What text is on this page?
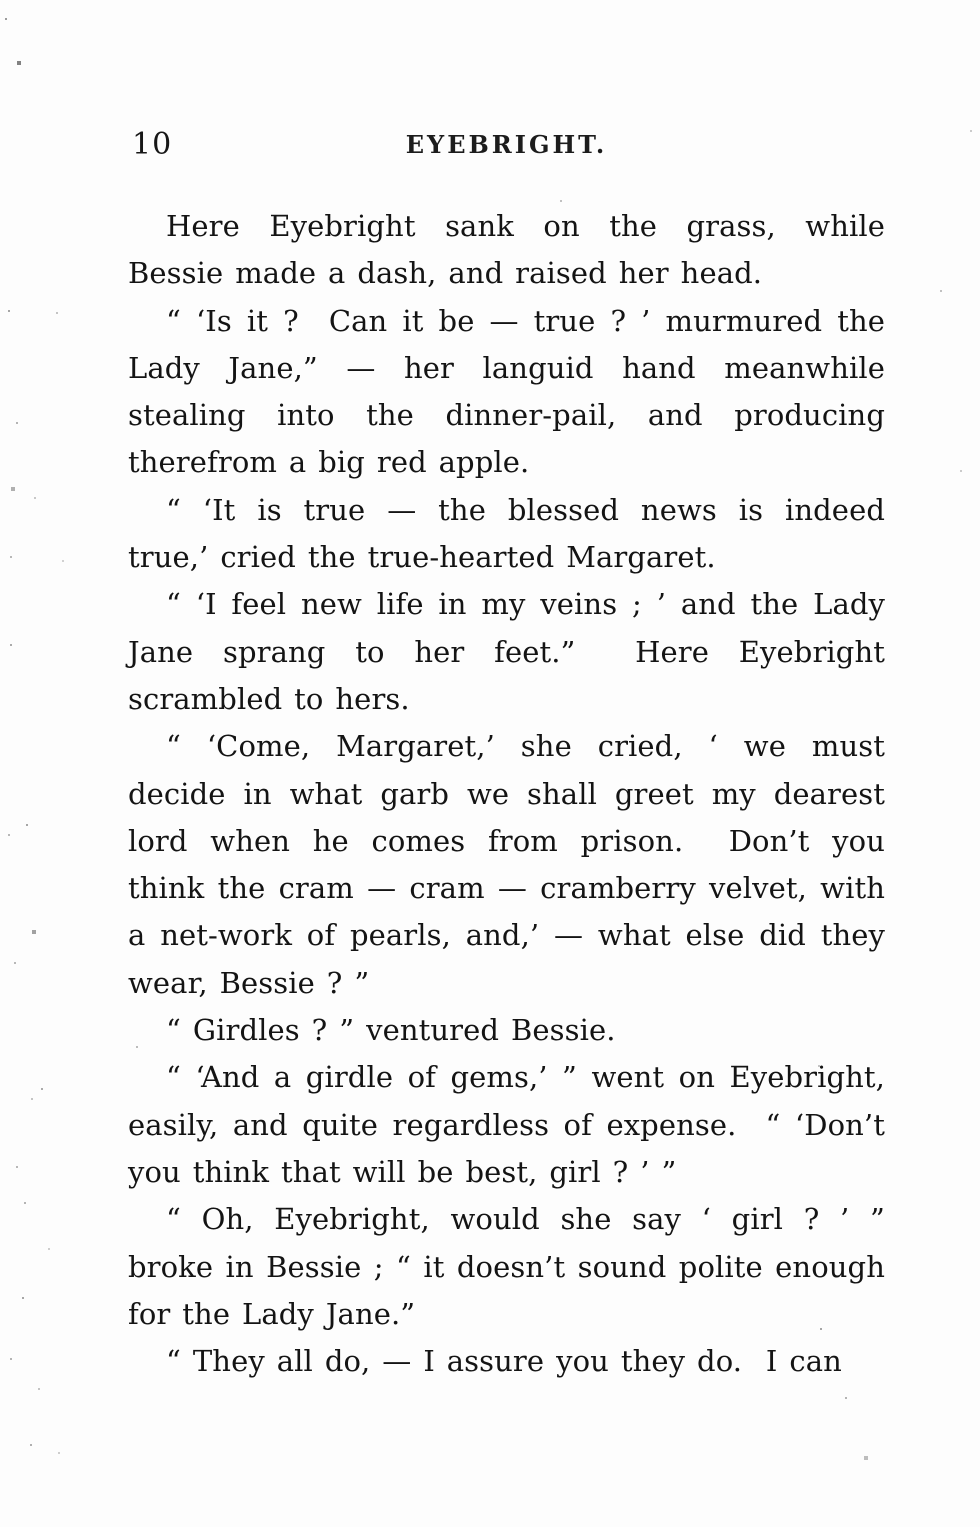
10	EYEBRIGHT.

Here Eyebright sank on the grass, while Bessie made a dash, and raised her head.

“ ‘Is it ?  Can it be — true ? ’ murmured the Lady Jane,” — her languid hand meanwhile stealing into the dinner-pail, and producing therefrom a big red apple.

“ ‘It is true — the blessed news is indeed true,’ cried the true-hearted Margaret.

“ ‘I feel new life in my veins ; ’ and the Lady Jane sprang to her feet.”  Here Eyebright scrambled to hers.

“ ‘Come, Margaret,’ she cried, ‘ we must decide in what garb we shall greet my dearest lord when he comes from prison.  Don’t you think the cram — cram — cramberry velvet, with a net-work of pearls, and,’ — what else did they wear, Bessie ? ”

“ Girdles ? ” ventured Bessie.

“ ‘And a girdle of gems,’ ” went on Eyebright, easily, and quite regardless of expense.  “ ‘Don’t you think that will be best, girl ? ’ ”

“ Oh, Eyebright, would she say ‘ girl ? ’ ” broke in Bessie ; “ it doesn’t sound polite enough for the Lady Jane.”

“ They all do, — I assure you they do.  I can
